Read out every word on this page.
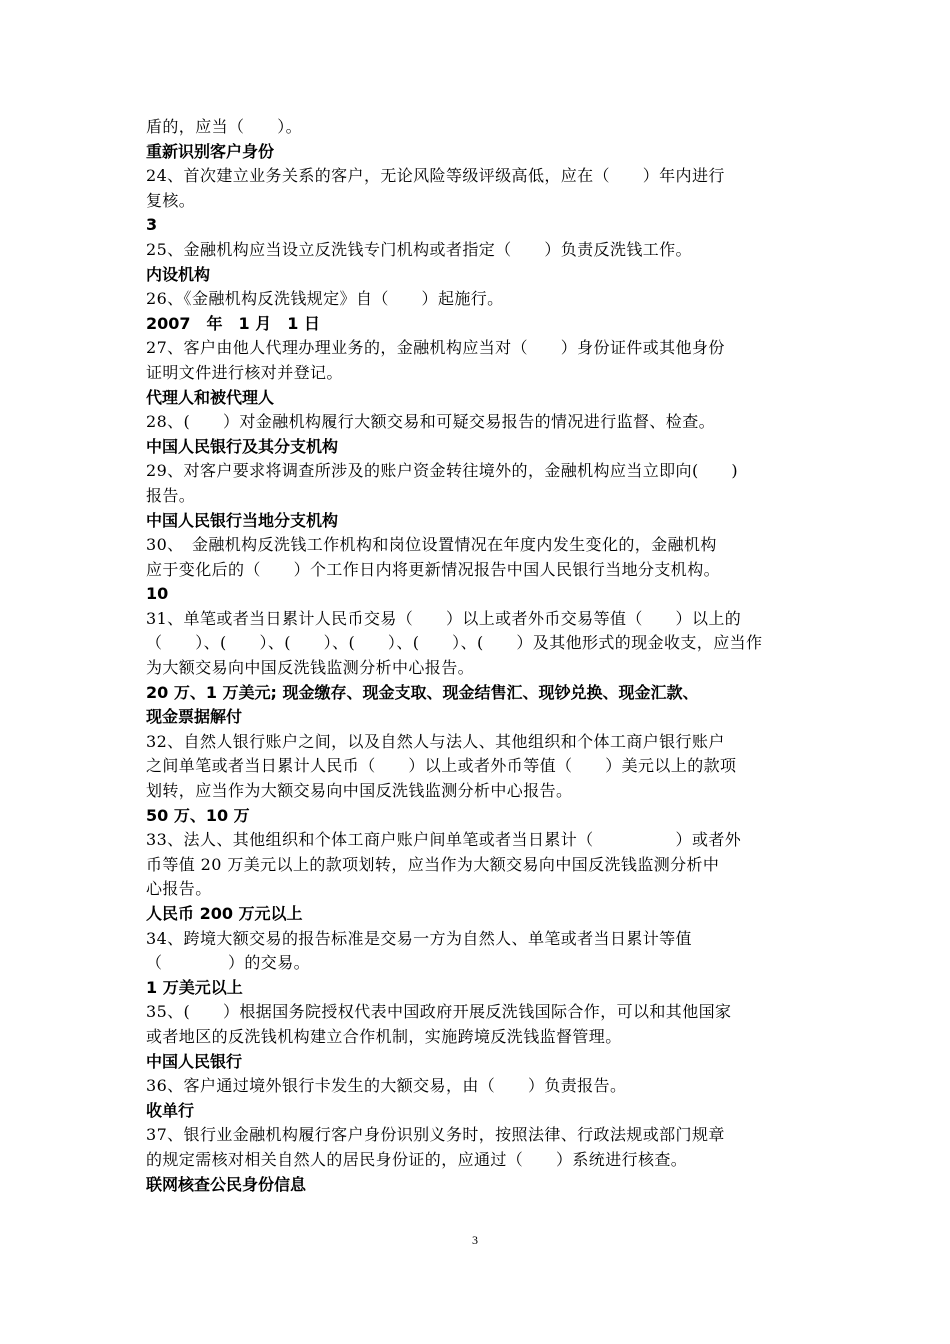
盾的，应当（　　）。
重新识别客户身份
24、首次建立业务关系的客户，无论风险等级评级高低，应在（　　）年内进行
复核。
3
25、金融机构应当设立反洗钱专门机构或者指定（　　）负责反洗钱工作。
内设机构
26、《金融机构反洗钱规定》自（　　）起施行。
2007　年　1 月　1 日
27、客户由他人代理办理业务的，金融机构应当对（　　）身份证件或其他身份
证明文件进行核对并登记。
代理人和被代理人
28、(　　）对金融机构履行大额交易和可疑交易报告的情况进行监督、检查。
中国人民银行及其分支机构
29、对客户要求将调查所涉及的账户资金转往境外的，金融机构应当立即向(　　)
报告。
中国人民银行当地分支机构
30、　金融机构反洗钱工作机构和岗位设置情况在年度内发生变化的，金融机构
应于变化后的（　　）个工作日内将更新情况报告中国人民银行当地分支机构。
10
31、单笔或者当日累计人民币交易（　　）以上或者外币交易等值（　　）以上的
（　　）、(　　）、(　　）、(　　）、(　　）、(　　）及其他形式的现金收支，应当作
为大额交易向中国反洗钱监测分析中心报告。
20 万、1 万美元; 现金缴存、现金支取、现金结售汇、现钞兑换、现金汇款、
现金票据解付
32、自然人银行账户之间，以及自然人与法人、其他组织和个体工商户银行账户
之间单笔或者当日累计人民币（　　）以上或者外币等值（　　）美元以上的款项
划转，应当作为大额交易向中国反洗钱监测分析中心报告。
50 万、10 万
33、法人、其他组织和个体工商户账户间单笔或者当日累计（　　　　　）或者外
币等值 20 万美元以上的款项划转，应当作为大额交易向中国反洗钱监测分析中
心报告。
人民币 200 万元以上
34、跨境大额交易的报告标准是交易一方为自然人、单笔或者当日累计等值
（　　　　）的交易。
1 万美元以上
35、(　　）根据国务院授权代表中国政府开展反洗钱国际合作，可以和其他国家
或者地区的反洗钱机构建立合作机制，实施跨境反洗钱监督管理。
中国人民银行
36、客户通过境外银行卡发生的大额交易，由（　　）负责报告。
收单行
37、银行业金融机构履行客户身份识别义务时，按照法律、行政法规或部门规章
的规定需核对相关自然人的居民身份证的，应通过（　　）系统进行核查。
联网核查公民身份信息
3
